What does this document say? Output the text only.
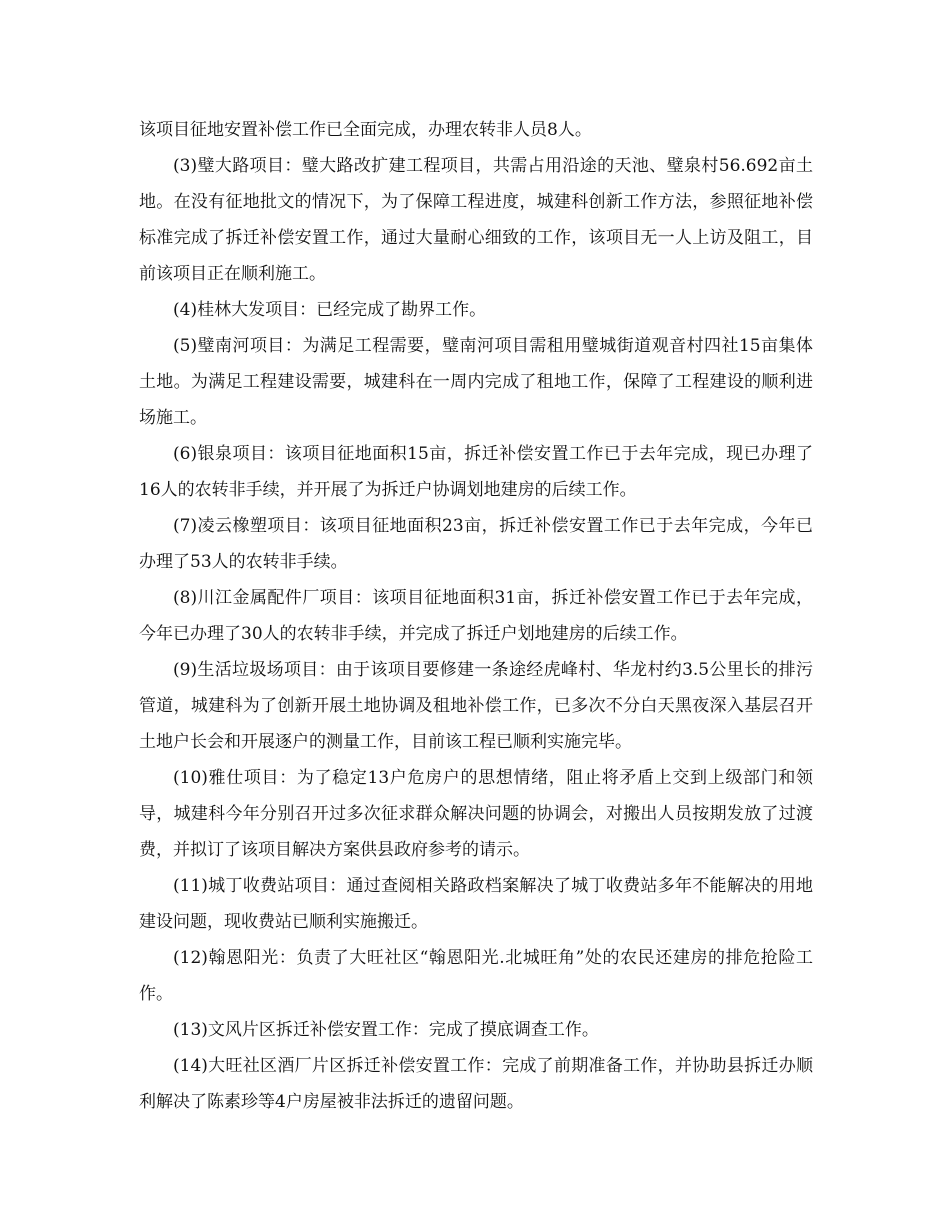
该项目征地安置补偿工作已全面完成，办理农转非人员8人。

(3)璧大路项目：璧大路改扩建工程项目，共需占用沿途的天池、璧泉村56.692亩土地。在没有征地批文的情况下，为了保障工程进度，城建科创新工作方法，参照征地补偿标准完成了拆迁补偿安置工作，通过大量耐心细致的工作，该项目无一人上访及阻工，目前该项目正在顺利施工。

(4)桂林大发项目：已经完成了勘界工作。

(5)璧南河项目：为满足工程需要，璧南河项目需租用璧城街道观音村四社15亩集体土地。为满足工程建设需要，城建科在一周内完成了租地工作，保障了工程建设的顺利进场施工。

(6)银泉项目：该项目征地面积15亩，拆迁补偿安置工作已于去年完成，现已办理了16人的农转非手续，并开展了为拆迁户协调划地建房的后续工作。

(7)凌云橡塑项目：该项目征地面积23亩，拆迁补偿安置工作已于去年完成，今年已办理了53人的农转非手续。

(8)川江金属配件厂项目：该项目征地面积31亩，拆迁补偿安置工作已于去年完成，今年已办理了30人的农转非手续，并完成了拆迁户划地建房的后续工作。

(9)生活垃圾场项目：由于该项目要修建一条途经虎峰村、华龙村约3.5公里长的排污管道，城建科为了创新开展土地协调及租地补偿工作，已多次不分白天黑夜深入基层召开土地户长会和开展逐户的测量工作，目前该工程已顺利实施完毕。

(10)雅仕项目：为了稳定13户危房户的思想情绪，阻止将矛盾上交到上级部门和领导，城建科今年分别召开过多次征求群众解决问题的协调会，对搬出人员按期发放了过渡费，并拟订了该项目解决方案供县政府参考的请示。

(11)城丁收费站项目：通过查阅相关路政档案解决了城丁收费站多年不能解决的用地建设问题，现收费站已顺利实施搬迁。

(12)翰恩阳光：负责了大旺社区“翰恩阳光.北城旺角”处的农民还建房的排危抢险工作。

(13)文风片区拆迁补偿安置工作：完成了摸底调查工作。

(14)大旺社区酒厂片区拆迁补偿安置工作：完成了前期准备工作，并协助县拆迁办顺利解决了陈素珍等4户房屋被非法拆迁的遗留问题。
